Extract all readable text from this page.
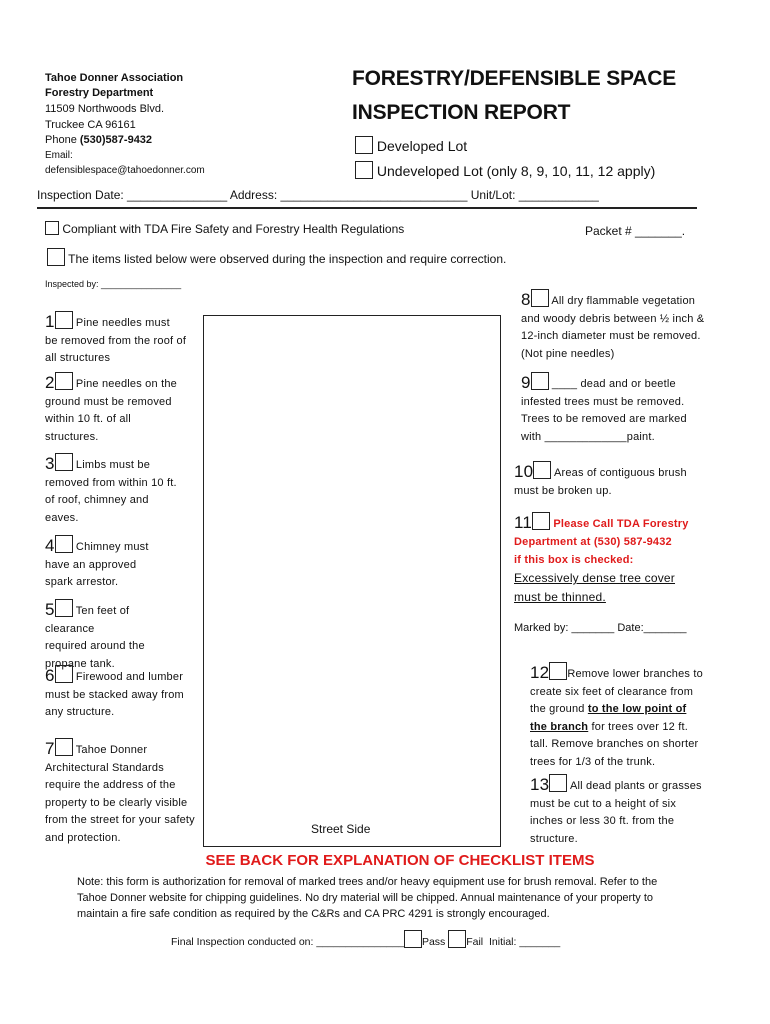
Tahoe Donner Association
Forestry Department
11509 Northwoods Blvd.
Truckee CA 96161
Phone (530)587-9432
Email:
defensiblespace@tahoedonner.com
FORESTRY/DEFENSIBLE SPACE
INSPECTION REPORT
Developed Lot
Undeveloped Lot (only 8, 9, 10, 11, 12 apply)
Inspection Date: _______________ Address: ____________________________ Unit/Lot: ____________
Compliant with TDA Fire Safety and Forestry Health Regulations	Packet # _______.
The items listed below were observed during the inspection and require correction.
Inspected by: ________________
Street Side
1 Pine needles must
be removed from the roof of all structures
2 Pine needles on the
ground must be removed within 10 ft. of all structures.
3 Limbs must be
removed from within 10 ft. of roof, chimney and eaves.
4 Chimney must
have an approved spark arrestor.
5 Ten feet of clearance
required around the propane tank.
6 Firewood and lumber
must be stacked away from any structure.
7 Tahoe Donner
Architectural Standards require the address of the property to be clearly visible from the street for your safety and protection.
8 All dry flammable vegetation
and woody debris between ½ inch & 12-inch diameter must be removed. (Not pine needles)
9 ____ dead and or beetle
infested trees must be removed. Trees to be removed are marked with _____________paint.
10 Areas of contiguous brush
must be broken up.
11 Please Call TDA Forestry
Department at (530) 587-9432
if this box is checked:
Excessively dense tree cover
must be thinned.
Marked by: _______ Date:_______
12 Remove lower branches to
create six feet of clearance from
the ground to the low point of
the branch for trees over 12 ft.
tall. Remove branches on shorter trees for 1/3 of the trunk.
13 All dead plants or grasses
must be cut to a height of six inches or less 30 ft. from the structure.
SEE BACK FOR EXPLANATION OF CHECKLIST ITEMS
Note: this form is authorization for removal of marked trees and/or heavy equipment use for brush removal. Refer to the
Tahoe Donner website for chipping guidelines. No dry material will be chipped. Annual maintenance of your property to
maintain a fire safe condition as required by the C&Rs and CA PRC 4291 is strongly encouraged.
Final Inspection conducted on: _______________ Pass Fail Initial: _______
